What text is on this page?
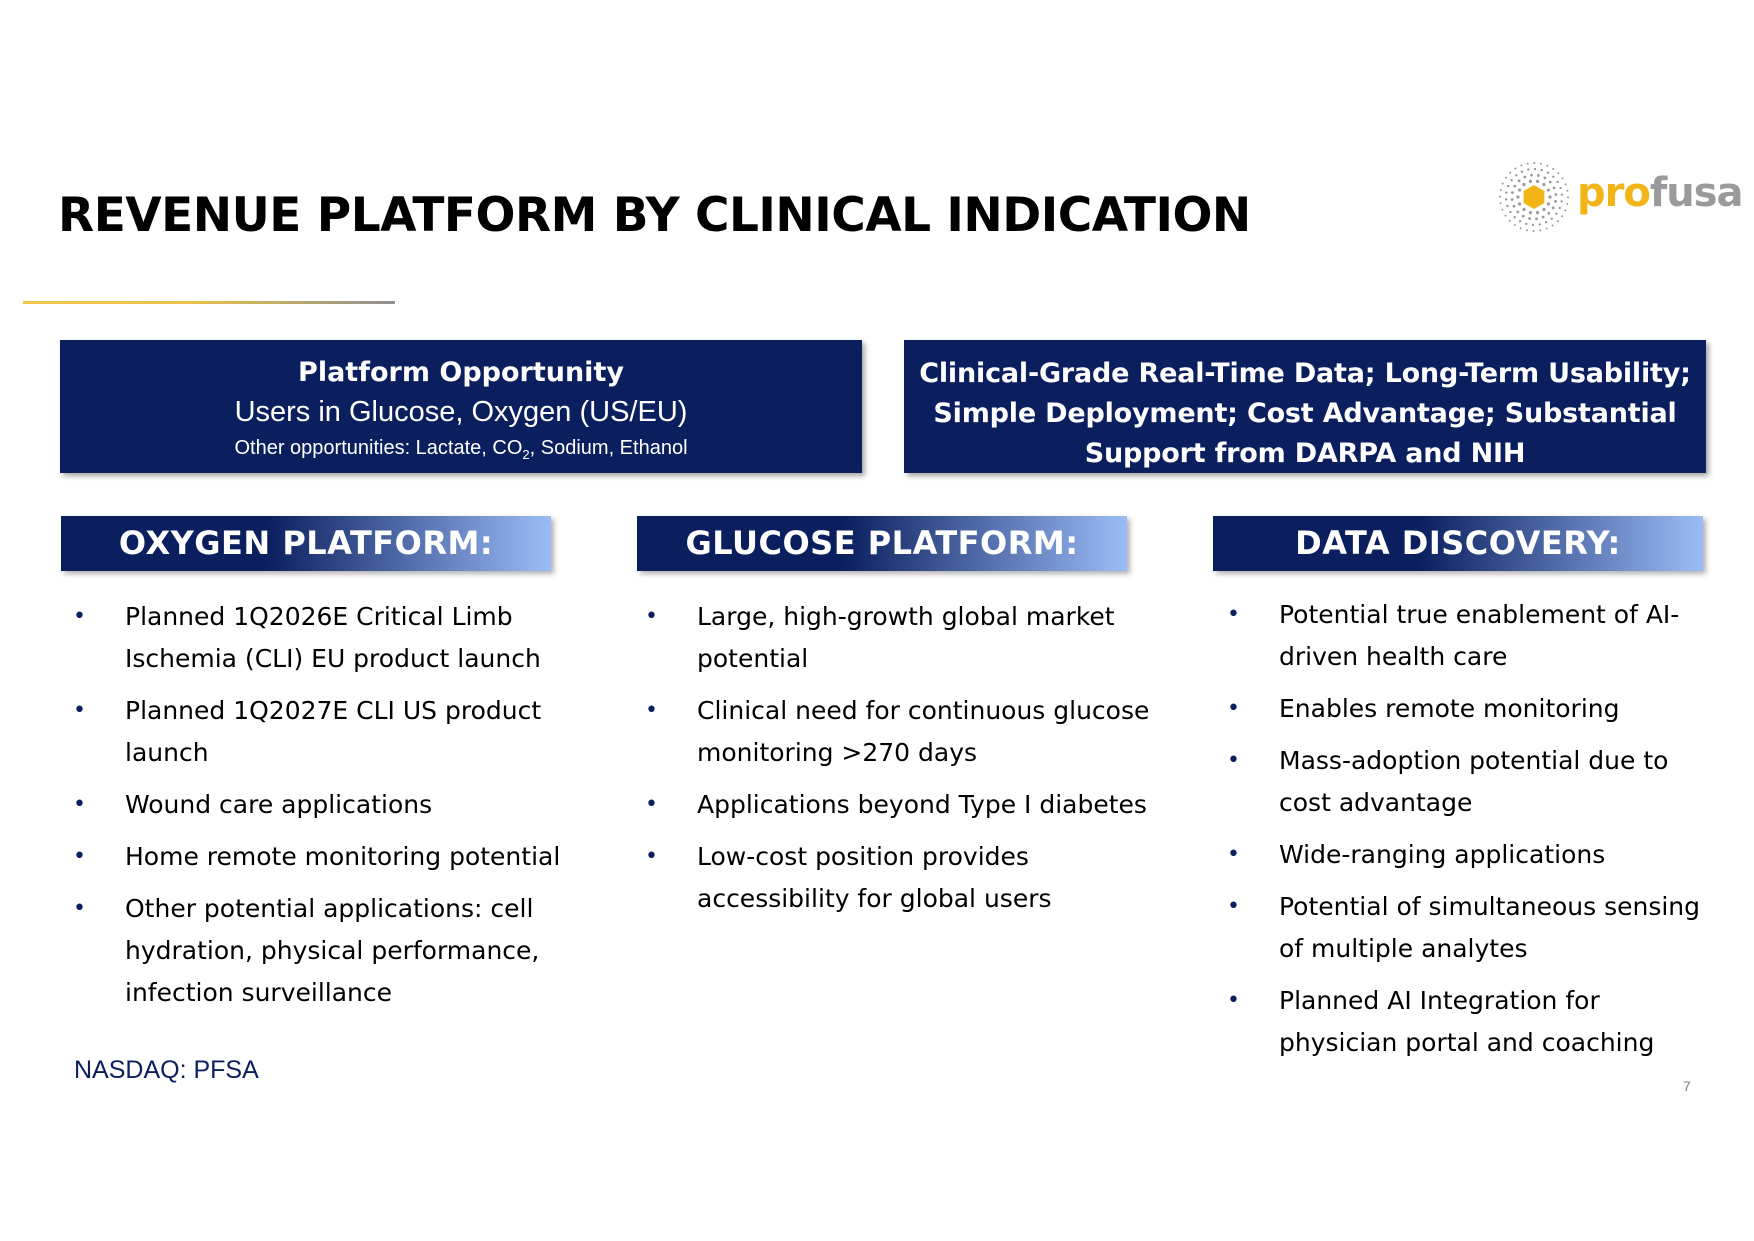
REVENUE PLATFORM BY CLINICAL INDICATION	profusa
Platform Opportunity
Users in Glucose, Oxygen (US/EU)
Other opportunities: Lactate, $CO_2$, Sodium, Ethanol
Clinical-Grade Real-Time Data; Long-Term Usability;
Simple Deployment; Cost Advantage; Substantial
Support from DARPA and NIH
OXYGEN PLATFORM:	GLUCOSE PLATFORM:	DATA DISCOVERY:
• Planned 1Q2026E Critical Limb Ischemia (CLI) EU product launch
• Planned 1Q2027E CLI US product launch
• Wound care applications
• Home remote monitoring potential
• Other potential applications: cell hydration, physical performance, infection surveillance
• Large, high-growth global market potential
• Clinical need for continuous glucose monitoring >270 days
• Applications beyond Type I diabetes
• Low-cost position provides accessibility for global users
• Potential true enablement of AI-driven health care
• Enables remote monitoring
• Mass-adoption potential due to cost advantage
• Wide-ranging applications
• Potential of simultaneous sensing of multiple analytes
• Planned AI Integration for physician portal and coaching
NASDAQ: PFSA
7
